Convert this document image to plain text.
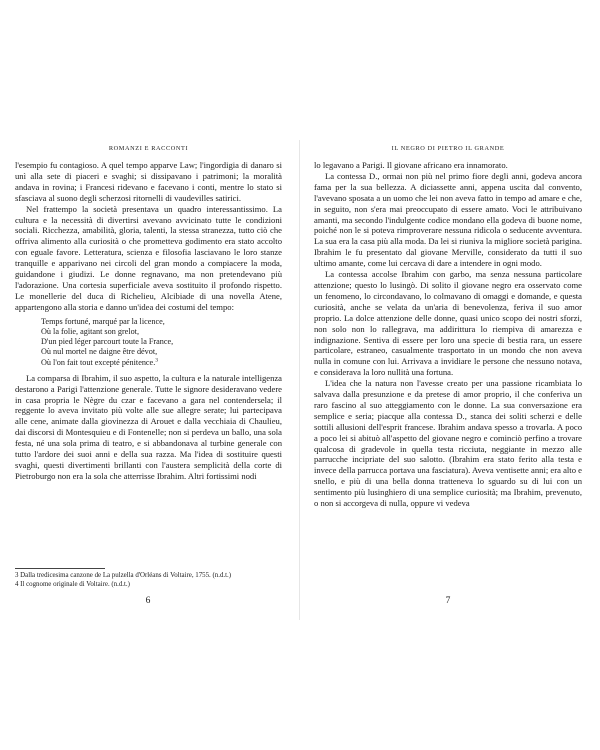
ROMANZI E RACCONTI

l'esempio fu contagioso. A quel tempo apparve Law; l'ingordigia di danaro si unì alla sete di piaceri e svaghi; si dissipavano i patrimoni; la moralità andava in rovina; i Francesi ridevano e facevano i conti, mentre lo stato si sfasciava al suono degli scherzosi ritornelli di vaudevilles satirici.

Nel frattempo la società presentava un quadro interessantissimo. La cultura e la necessità di divertirsi avevano avvicinato tutte le condizioni sociali. Ricchezza, amabilità, gloria, talenti, la stessa stranezza, tutto ciò che offriva alimento alla curiosità o che prometteva godimento era stato accolto con eguale favore. Letteratura, scienza e filosofia lasciavano le loro stanze tranquille e apparivano nei circoli del gran mondo a compiacere la moda, guidandone i giudizi. Le donne regnavano, ma non pretendevano più l'adorazione. Una cortesia superficiale aveva sostituito il profondo rispetto. Le monellerie del duca di Richelieu, Alcibiade di una novella Atene, appartengono alla storia e danno un'idea dei costumi del tempo:

Temps fortuné, marqué par la licence,
Où la folie, agitant son grelot,
D'un pied léger parcourt toute la France,
Où nul mortel ne daigne être dévot,
Où l'on fait tout excepté pénitence.$^3$

La comparsa di Ibrahim, il suo aspetto, la cultura e la naturale intelligenza destarono a Parigi l'attenzione generale. Tutte le signore desideravano vedere in casa propria le Nègre du czar e facevano a gara nel contendersela; il reggente lo aveva invitato più volte alle sue allegre serate; lui partecipava alle cene, animate dalla giovinezza di Arouet e dalla vecchiaia di Chaulieu, dai discorsi di Montesquieu e di Fontenelle; non si perdeva un ballo, una sola festa, né una sola prima di teatro, e si abbandonava al turbine generale con tutto l'ardore dei suoi anni e della sua razza. Ma l'idea di sostituire questi svaghi, questi divertimenti brillanti con l'austera semplicità della corte di Pietroburgo non era la sola che atterrisse Ibrahim. Altri fortissimi nodi

3 Dalla tredicesima canzone de La pulzella d'Orléans di Voltaire, 1755. (n.d.t.)
4 Il cognome originale di Voltaire. (n.d.t.)
6
IL NEGRO DI PIETRO IL GRANDE

lo legavano a Parigi. Il giovane africano era innamorato.

La contessa D., ormai non più nel primo fiore degli anni, godeva ancora fama per la sua bellezza. A diciassette anni, appena uscita dal convento, l'avevano sposata a un uomo che lei non aveva fatto in tempo ad amare e che, in seguito, non s'era mai preoccupato di essere amato. Voci le attribuivano amanti, ma secondo l'indulgente codice mondano ella godeva di buone nome, poiché non le si poteva rimproverare nessuna ridicola o seducente avventura. La sua era la casa più alla moda. Da lei si riuniva la migliore società parigina. Ibrahim le fu presentato dal giovane Merville, considerato da tutti il suo ultimo amante, come lui cercava di dare a intendere in ogni modo.

La contessa accolse Ibrahim con garbo, ma senza nessuna particolare attenzione; questo lo lusingò. Di solito il giovane negro era osservato come un fenomeno, lo circondavano, lo colmavano di omaggi e domande, e questa curiosità, anche se velata da un'aria di benevolenza, feriva il suo amor proprio. La dolce attenzione delle donne, quasi unico scopo dei nostri sforzi, non solo non lo rallegrava, ma addirittura lo riempiva di amarezza e indignazione. Sentiva di essere per loro una specie di bestia rara, un essere particolare, estraneo, casualmente trasportato in un mondo che non aveva nulla in comune con lui. Arrivava a invidiare le persone che nessuno notava, e considerava la loro nullità una fortuna.

L'idea che la natura non l'avesse creato per una passione ricambiata lo salvava dalla presunzione e da pretese di amor proprio, il che conferiva un raro fascino al suo atteggiamento con le donne. La sua conversazione era semplice e seria; piacque alla contessa D., stanca dei soliti scherzi e delle sottili allusioni dell'esprit francese. Ibrahim andava spesso a trovarla. A poco a poco lei si abituò all'aspetto del giovane negro e cominciò perfino a trovare qualcosa di gradevole in quella testa ricciuta, neggiante in mezzo alle parrucche incipriate del suo salotto. (Ibrahim era stato ferito alla testa e invece della parrucca portava una fasciatura). Aveva ventisette anni; era alto e snello, e più di una bella donna tratteneva lo sguardo su di lui con un sentimento più lusinghiero di una semplice curiosità; ma Ibrahim, prevenuto, o non si accorgeva di nulla, oppure vi vedeva

7
